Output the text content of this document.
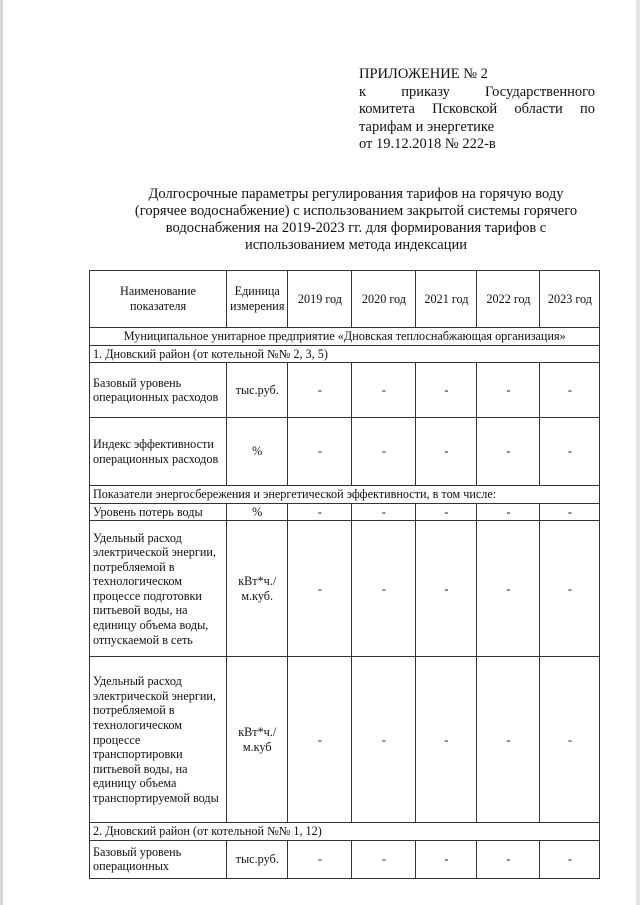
ПРИЛОЖЕНИЕ № 2
к приказу Государственного
комитета Псковской области по
тарифам и энергетике
от 19.12.2018 № 222-в
Долгосрочные параметры регулирования тарифов на горячую воду
(горячее водоснабжение) с использованием закрытой системы горячего
водоснабжения на 2019-2023 гг. для формирования тарифов с
использованием метода индексации
Наименование показателя	Единица измерения	2019 год	2020 год	2021 год	2022 год	2023 год
Муниципальное унитарное предприятие «Дновская теплоснабжающая организация»						
1. Дновский район (от котельной №№ 2, 3, 5)						
Базовый уровень операционных расходов	тыс.руб.	-	-	-	-	-
Индекс эффективности операционных расходов	%	-	-	-	-	-
Показатели энергосбережения и энергетической эффективности, в том числе:						
Уровень потерь воды	%	-	-	-	-	-
Удельный расход электрической энергии, потребляемой в технологическом процессе подготовки питьевой воды, на единицу объема воды, отпускаемой в сеть	кВт*ч./м.куб.	-	-	-	-	-
Удельный расход электрической энергии, потребляемой в технологическом процессе транспортировки питьевой воды, на единицу объема транспортируемой воды	кВт*ч./м.куб	-	-	-	-	-
2. Дновский район (от котельной №№ 1, 12)						
Базовый уровень операционных	тыс.руб.	-	-	-	-	-
